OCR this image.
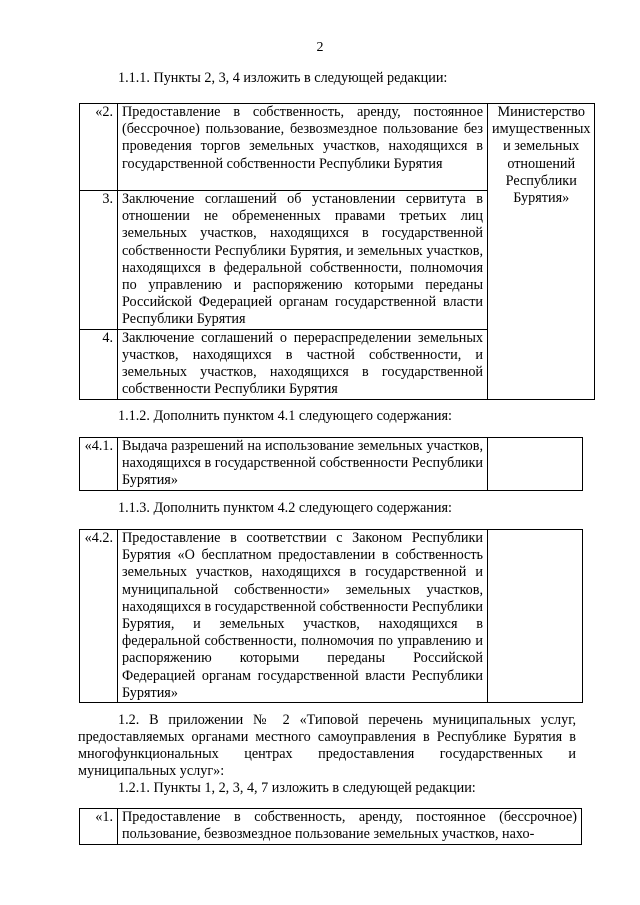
2

1.1.1. Пункты 2, 3, 4 изложить в следующей редакции:

«2.	Предоставление в собственность, аренду, постоянное (бессрочное) пользование, безвозмездное пользование без проведения торгов земельных участков, находящихся в государственной собственности Республики Бурятия	Министерство имущественных и земельных отношений Республики Бурятия»
3.	Заключение соглашений об установлении сервитута в отношении не обремененных правами третьих лиц земельных участков, находящихся в государственной собственности Республики Бурятия, и земельных участков, находящихся в федеральной собственности, полномочия по управлению и распоряжению которыми переданы Российской Федерацией органам государственной власти Республики Бурятия	
4.	Заключение соглашений о перераспределении земельных участков, находящихся в частной собственности, и земельных участков, находящихся в государственной собственности Республики Бурятия	

1.1.2. Дополнить пунктом 4.1 следующего содержания:

«4.1.	Выдача разрешений на использование земельных участков, находящихся в государственной собственности Республики Бурятия»	

1.1.3. Дополнить пунктом 4.2 следующего содержания:

«4.2.	Предоставление в соответствии с Законом Республики Бурятия «О бесплатном предоставлении в собственность земельных участков, находящихся в государственной и муниципальной собственности» земельных участков, находящихся в государственной собственности Республики Бурятия, и земельных участков, находящихся в федеральной собственности, полномочия по управлению и распоряжению которыми переданы Российской Федерацией органам государственной власти Республики Бурятия»	

1.2. В приложении № 2 «Типовой перечень муниципальных услуг, предоставляемых органами местного самоуправления в Республике Бурятия в многофункциональных центрах предоставления государственных и муниципальных услуг»:

1.2.1. Пункты 1, 2, 3, 4, 7 изложить в следующей редакции:

«1.	Предоставление в собственность, аренду, постоянное (бессрочное) пользование, безвозмездное пользование земельных участков, нахо-
